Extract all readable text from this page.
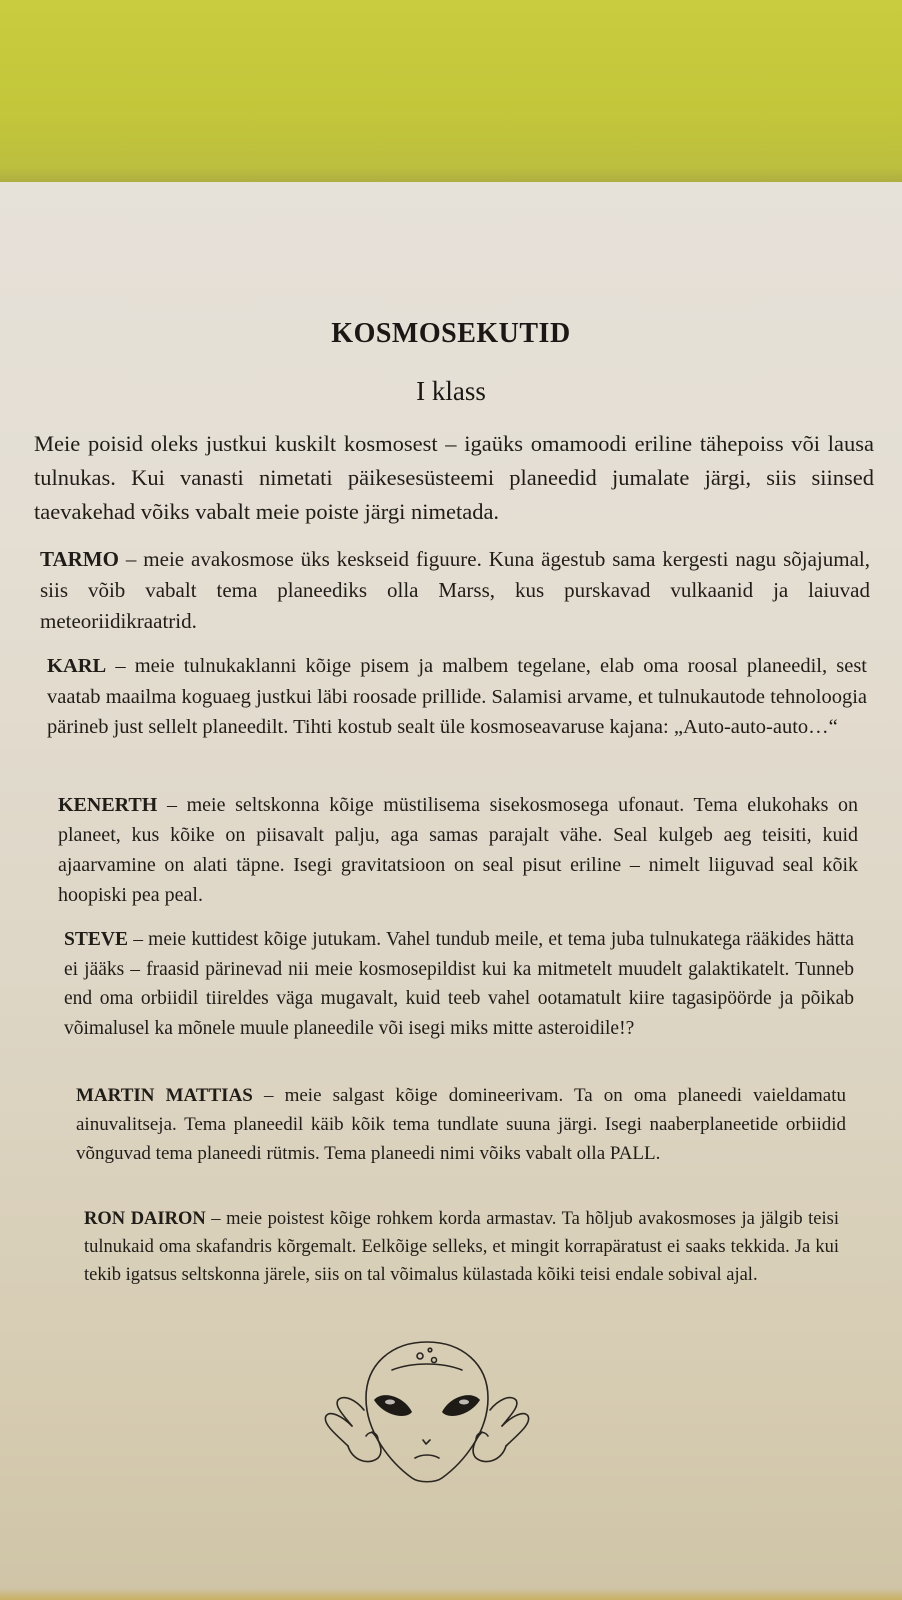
KOSMOSEKUTID
I klass

Meie poisid oleks justkui kuskilt kosmosest – igaüks omamoodi eriline tähepoiss või lausa tulnukas. Kui vanasti nimetati päikesesüsteemi planeedid jumalate järgi, siis siinsed taevakehad võiks vabalt meie poiste järgi nimetada.

TARMO – meie avakosmose üks keskseid figuure. Kuna ägestub sama kergesti nagu sõjajumal, siis võib vabalt tema planeediks olla Marss, kus purskavad vulkaanid ja laiuvad meteoriidikraatrid.

KARL – meie tulnukaklanni kõige pisem ja malbem tegelane, elab oma roosal planeedil, sest vaatab maailma koguaeg justkui läbi roosade prillide. Salamisi arvame, et tulnukautode tehnoloogia pärineb just sellelt planeedilt. Tihti kostub sealt üle kosmoseavaruse kajana: „Auto-auto-auto…“

KENERTH – meie seltskonna kõige müstilisema sisekosmosega ufonaut. Tema elukohaks on planeet, kus kõike on piisavalt palju, aga samas parajalt vähe. Seal kulgeb aeg teisiti, kuid ajaarvamine on alati täpne. Isegi gravitatsioon on seal pisut eriline – nimelt liiguvad seal kõik hoopiski pea peal.

STEVE – meie kuttidest kõige jutukam. Vahel tundub meile, et tema juba tulnukatega rääkides hätta ei jääks – fraasid pärinevad nii meie kosmosepildist kui ka mitmetelt muudelt galaktikatelt. Tunneb end oma orbiidil tiireldes väga mugavalt, kuid teeb vahel ootamatult kiire tagasipöörde ja põikab võimalusel ka mõnele muule planeedile või isegi miks mitte asteroidile!?

MARTIN MATTIAS – meie salgast kõige domineerivam. Ta on oma planeedi vaieldamatu ainuvalitseja. Tema planeedil käib kõik tema tundlate suuna järgi. Isegi naaberplaneetide orbiidid võnguvad tema planeedi rütmis. Tema planeedi nimi võiks vabalt olla PALL.

RON DAIRON – meie poistest kõige rohkem korda armastav. Ta hõljub avakosmoses ja jälgib teisi tulnukaid oma skafandris kõrgemalt. Eelkõige selleks, et mingit korrapäratust ei saaks tekkida. Ja kui tekib igatsus seltskonna järele, siis on tal võimalus külastada kõiki teisi endale sobival ajal.
